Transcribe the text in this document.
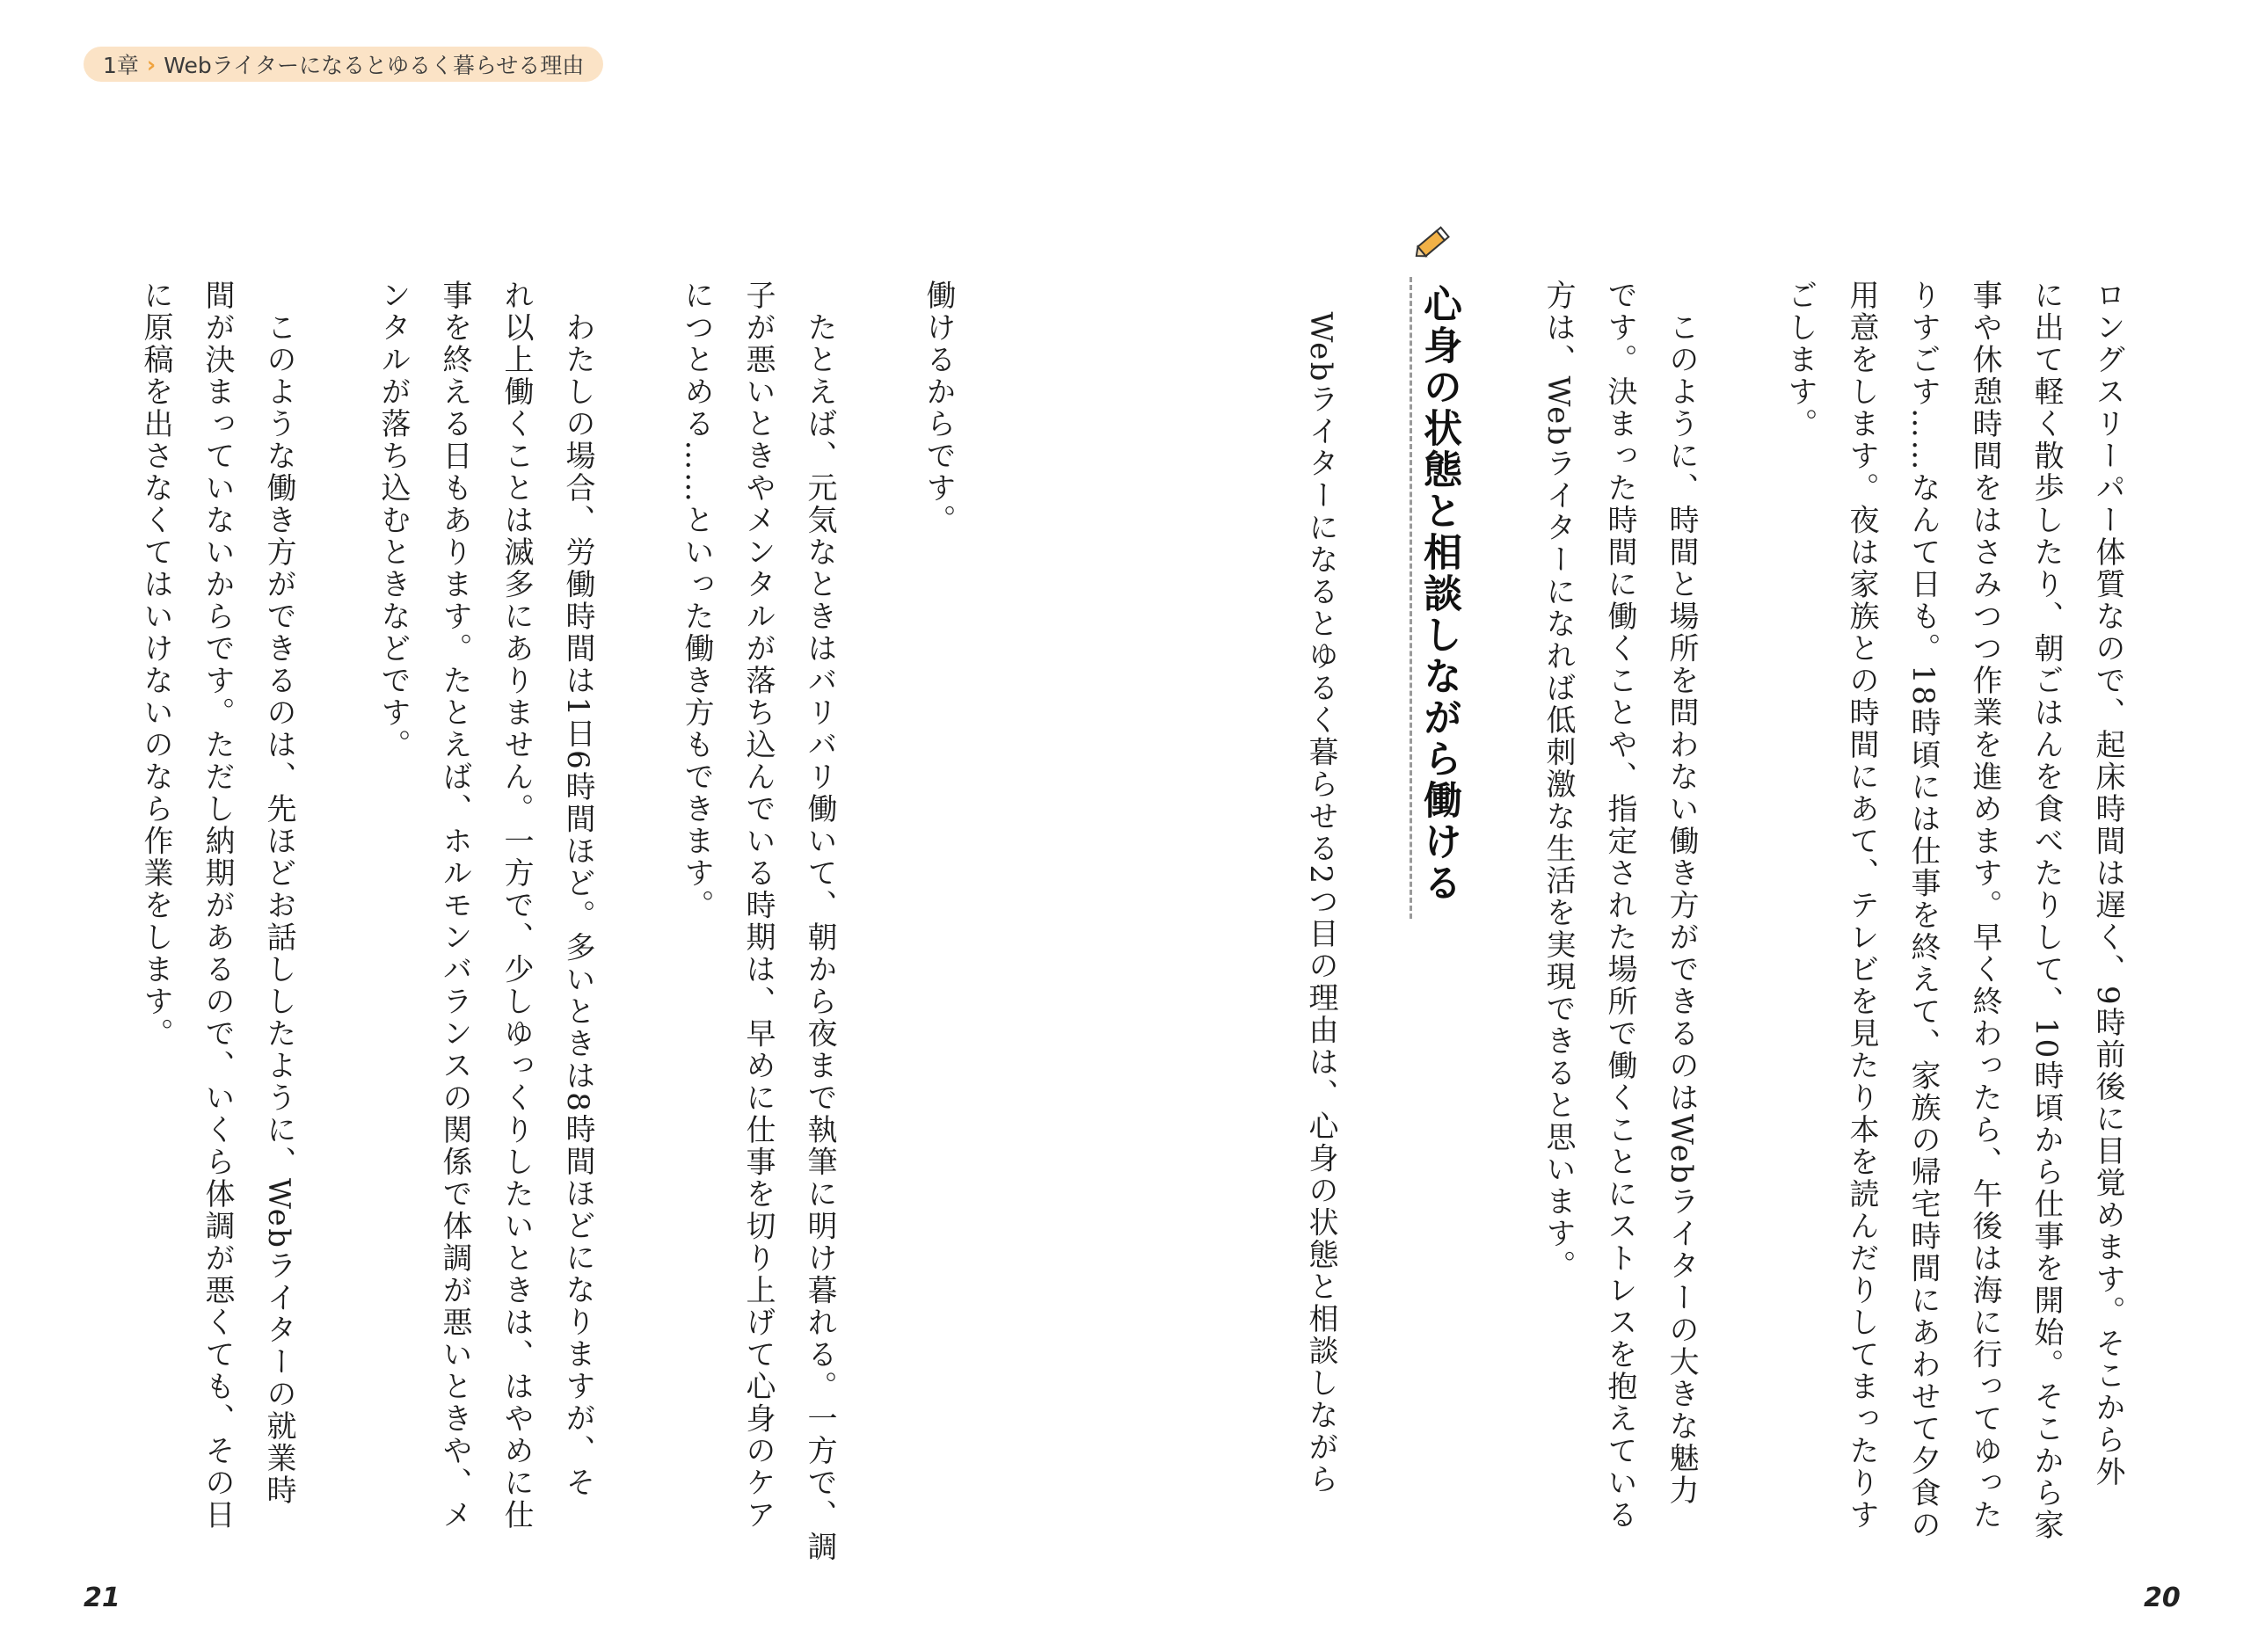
1章 › Webライターになるとゆるく暮らせる理由
ロングスリーパー体質なので、起床時間は遅く、9時前後に目覚めます。そこから外
に出て軽く散歩したり、朝ごはんを食べたりして、10時頃から仕事を開始。そこから家
事や休憩時間をはさみつつ作業を進めます。早く終わったら、午後は海に行ってゆった
りすごす……なんて日も。18時頃には仕事を終えて、家族の帰宅時間にあわせて夕食の
用意をします。夜は家族との時間にあて、テレビを見たり本を読んだりしてまったりす
ごします。
　このように、時間と場所を問わない働き方ができるのはWebライターの大きな魅力
です。決まった時間に働くことや、指定された場所で働くことにストレスを抱えている
方は、Webライターになれば低刺激な生活を実現できると思います。
心身の状態と相談しながら働ける
　Webライターになるとゆるく暮らせる2つ目の理由は、心身の状態と相談しながら
働けるからです。
　たとえば、元気なときはバリバリ働いて、朝から夜まで執筆に明け暮れる。一方で、調
子が悪いときやメンタルが落ち込んでいる時期は、早めに仕事を切り上げて心身のケア
につとめる……といった働き方もできます。
　わたしの場合、労働時間は1日6時間ほど。多いときは8時間ほどになりますが、そ
れ以上働くことは滅多にありません。一方で、少しゆっくりしたいときは、はやめに仕
事を終える日もあります。たとえば、ホルモンバランスの関係で体調が悪いときや、メ
ンタルが落ち込むときなどです。
　このような働き方ができるのは、先ほどお話ししたように、Webライターの就業時
間が決まっていないからです。ただし納期があるので、いくら体調が悪くても、その日
に原稿を出さなくてはいけないのなら作業をします。
21	20
